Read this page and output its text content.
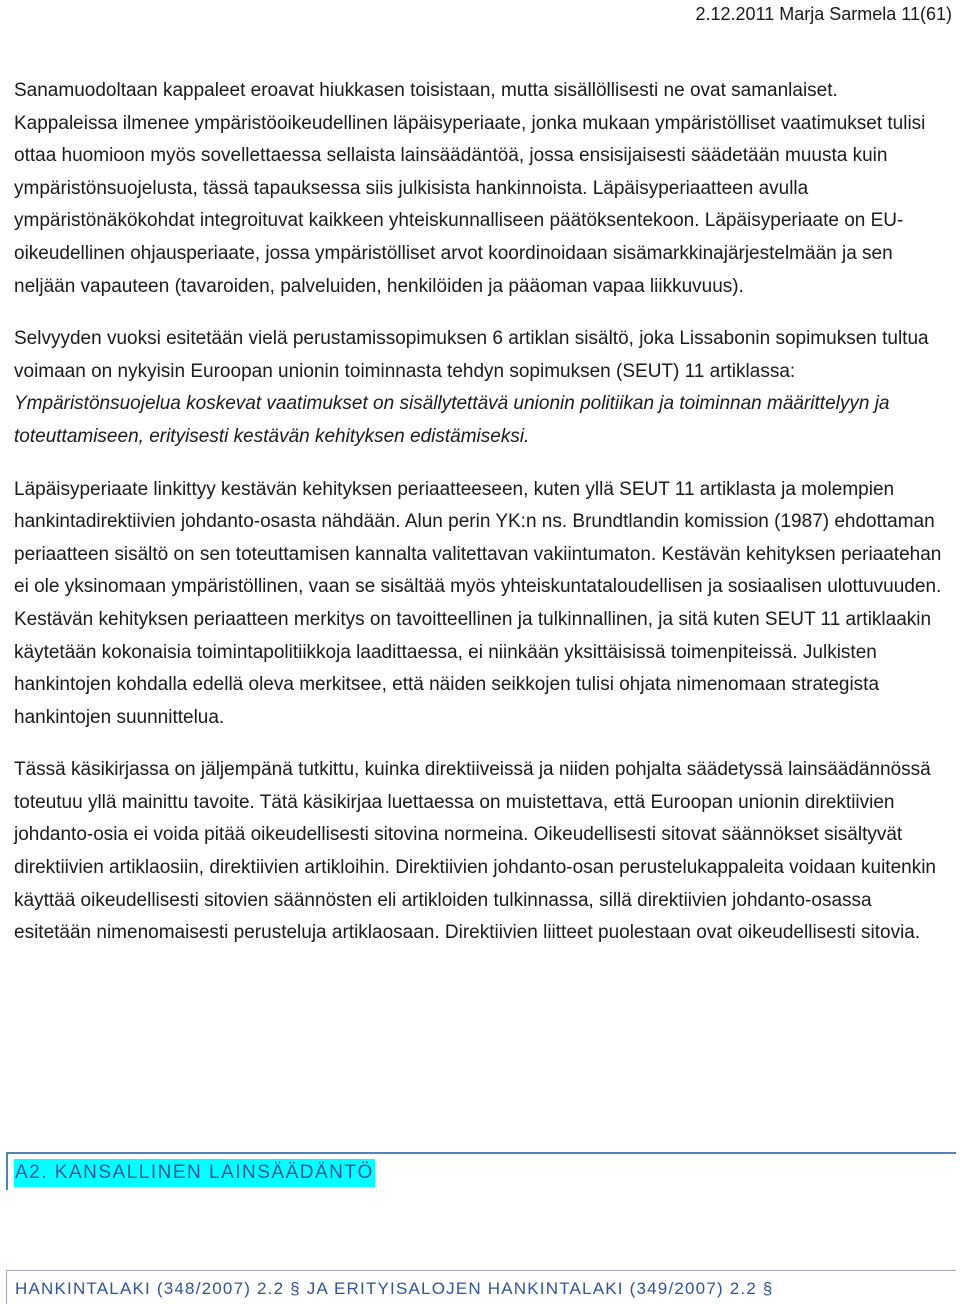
2.12.2011 Marja Sarmela 11(61)

Sanamuodoltaan kappaleet eroavat hiukkasen toisistaan, mutta sisällöllisesti ne ovat samanlaiset. Kappaleissa ilmenee ympäristöoikeudellinen läpäisyperiaate, jonka mukaan ympäristölliset vaatimukset tulisi ottaa huomioon myös sovellettaessa sellaista lainsäädäntöä, jossa ensisijaisesti säädetään muusta kuin ympäristönsuojelusta, tässä tapauksessa siis julkisista hankinnoista. Läpäisyperiaatteen avulla ympäristönäkökohdat integroituvat kaikkeen yhteiskunnalliseen päätöksentekoon. Läpäisyperiaate on EU-oikeudellinen ohjausperiaate, jossa ympäristölliset arvot koordinoidaan sisämarkkinajärjestelmään ja sen neljään vapauteen (tavaroiden, palveluiden, henkilöiden ja pääoman vapaa liikkuvuus).

Selvyyden vuoksi esitetään vielä perustamissopimuksen 6 artiklan sisältö, joka Lissabonin sopimuksen tultua voimaan on nykyisin Euroopan unionin toiminnasta tehdyn sopimuksen (SEUT) 11 artiklassa: Ympäristönsuojelua koskevat vaatimukset on sisällytettävä unionin politiikan ja toiminnan määrittelyyn ja toteuttamiseen, erityisesti kestävän kehityksen edistämiseksi.

Läpäisyperiaate linkittyy kestävän kehityksen periaatteeseen, kuten yllä SEUT 11 artiklasta ja molempien hankintadirektiivien johdanto-osasta nähdään. Alun perin YK:n ns. Brundtlandin komission (1987) ehdottaman periaatteen sisältö on sen toteuttamisen kannalta valitettavan vakiintumaton. Kestävän kehityksen periaatehan ei ole yksinomaan ympäristöllinen, vaan se sisältää myös yhteiskuntataloudellisen ja sosiaalisen ulottuvuuden. Kestävän kehityksen periaatteen merkitys on tavoitteellinen ja tulkinnallinen, ja sitä kuten SEUT 11 artiklaakin käytetään kokonaisia toimintapolitiikkoja laadittaessa, ei niinkään yksittäisissä toimenpiteissä. Julkisten hankintojen kohdalla edellä oleva merkitsee, että näiden seikkojen tulisi ohjata nimenomaan strategista hankintojen suunnittelua.

Tässä käsikirjassa on jäljempänä tutkittu, kuinka direktiiveissä ja niiden pohjalta säädetyssä lainsäädännössä toteutuu yllä mainittu tavoite. Tätä käsikirjaa luettaessa on muistettava, että Euroopan unionin direktiivien johdanto-osia ei voida pitää oikeudellisesti sitovina normeina. Oikeudellisesti sitovat säännökset sisältyvät direktiivien artiklaosiin, direktiivien artikloihin. Direktiivien johdanto-osan perustelukappaleita voidaan kuitenkin käyttää oikeudellisesti sitovien säännösten eli artikloiden tulkinnassa, sillä direktiivien johdanto-osassa esitetään nimenomaisesti perusteluja artiklaosaan. Direktiivien liitteet puolestaan ovat oikeudellisesti sitovia.

A2. KANSALLINEN LAINSÄÄDÄNTÖ
HANKINTALAKI (348/2007) 2.2 § JA ERITYISALOJEN HANKINTALAKI (349/2007) 2.2 §
